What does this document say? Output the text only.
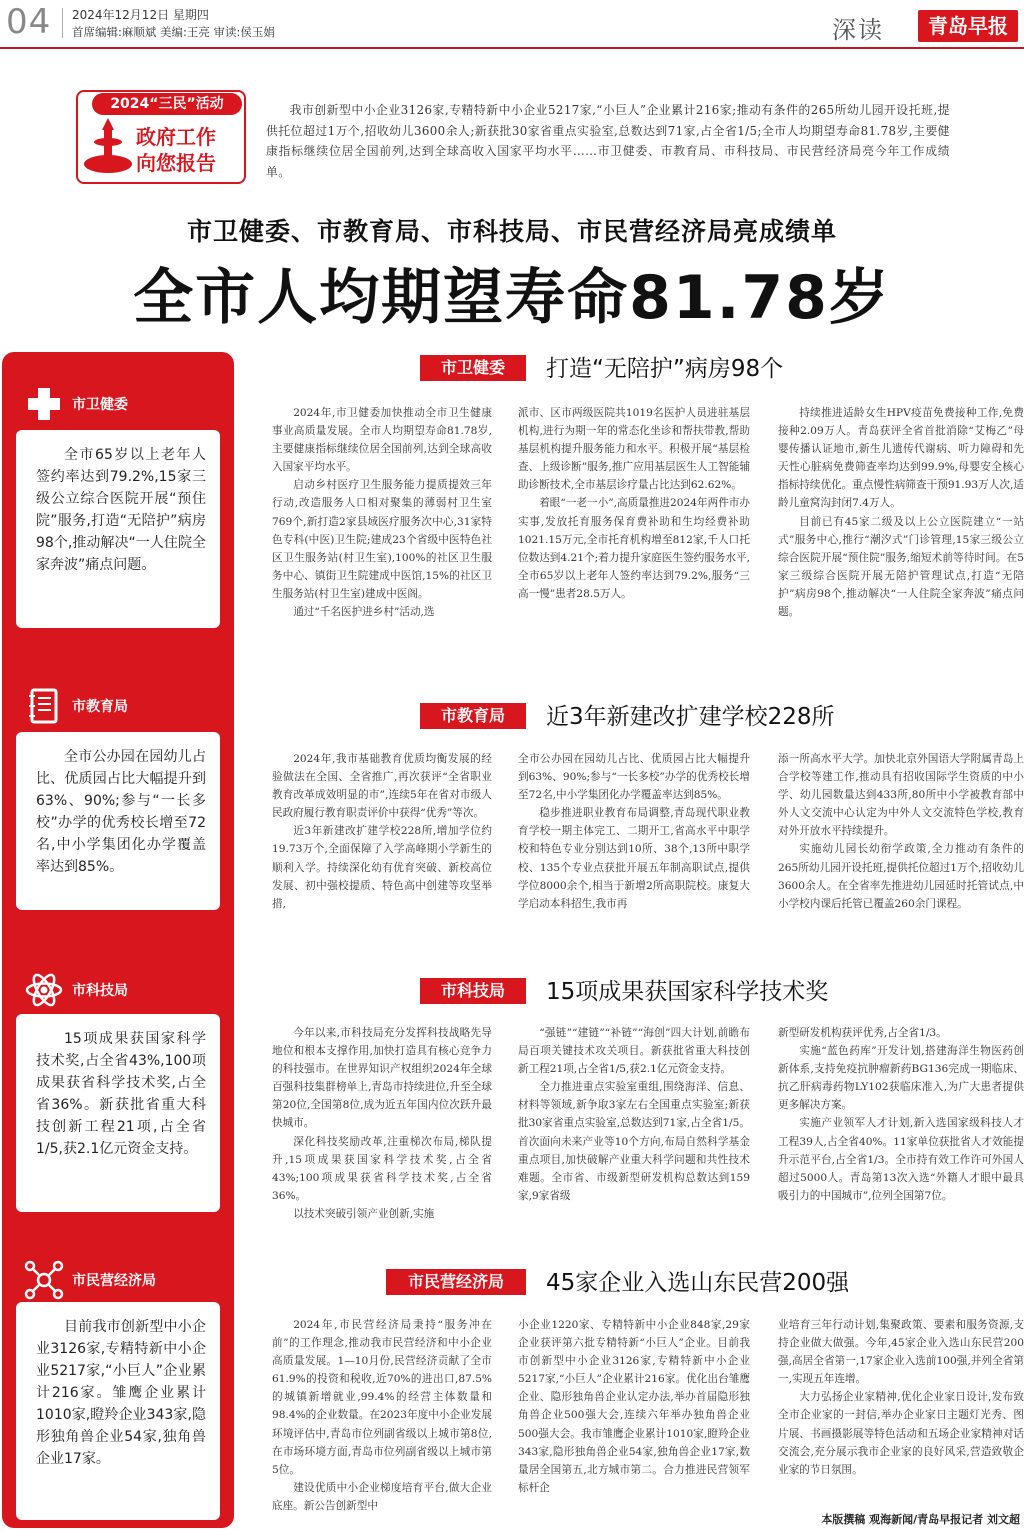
04 2024年12月12日 星期四
首席编辑:麻顺斌 美编:王亮 审读:侯玉娟	深读	青岛早报
2024“三民”活动
政府工作
向您报告
我市创新型中小企业3126家,专精特新中小企业5217家,“小巨人”企业累计216家;推动有条件的265所幼儿园开设托班,提供托位超过1万个,招收幼儿3600余人;新获批30家省重点实验室,总数达到71家,占全省1/5;全市人均期望寿命81.78岁,主要健康指标继续位居全国前列,达到全球高收入国家平均水平……市卫健委、市教育局、市科技局、市民营经济局亮今年工作成绩单。
市卫健委、市教育局、市科技局、市民营经济局亮成绩单
全市人均期望寿命81.78岁
市卫健委
全市65岁以上老年人签约率达到79.2%,15家三级公立综合医院开展“预住院”服务,打造“无陪护”病房98个,推动解决“一人住院全家奔波”痛点问题。
市教育局
全市公办园在园幼儿占比、优质园占比大幅提升到63%、90%;参与“一长多校”办学的优秀校长增至72名,中小学集团化办学覆盖率达到85%。
市科技局
15项成果获国家科学技术奖,占全省43%,100项成果获省科学技术奖,占全省36%。新获批省重大科技创新工程21项,占全省1/5,获2.1亿元资金支持。
市民营经济局
目前我市创新型中小企业3126家,专精特新中小企业5217家,“小巨人”企业累计216家。雏鹰企业累计1010家,瞪羚企业343家,隐形独角兽企业54家,独角兽企业17家。
市卫健委	打造“无陪护”病房98个

2024年,市卫健委加快推动全市卫生健康事业高质量发展。全市人均期望寿命81.78岁,主要健康指标继续位居全国前列,达到全球高收入国家平均水平。

启动乡村医疗卫生服务能力提质提效三年行动,改造服务人口相对聚集的薄弱村卫生室769个,新打造2家县域医疗服务次中心,31家特色专科(中医)卫生院;建成23个省级中医特色社区卫生服务站(村卫生室),100%的社区卫生服务中心、镇街卫生院建成中医馆,15%的社区卫生服务站(村卫生室)建成中医阁。

通过“千名医护进乡村”活动,选

派市、区市两级医院共1019名医护人员进驻基层机构,进行为期一年的常态化坐诊和帮扶带教,帮助基层机构提升服务能力和水平。积极开展“基层检查、上级诊断”服务,推广应用基层医生人工智能辅助诊断技术,全市基层诊疗量占比达到62.62%。

着眼“一老一小”,高质量推进2024年两件市办实事,发放托育服务保育费补助和生均经费补助1021.15万元,全市托育机构增至812家,千人口托位数达到4.21个;着力提升家庭医生签约服务水平,全市65岁以上老年人签约率达到79.2%,服务“三高一慢”患者28.5万人。

持续推进适龄女生HPV疫苗免费接种工作,免费接种2.09万人。青岛获评全省首批消除“艾梅乙”母婴传播认证地市,新生儿遗传代谢病、听力障碍和先天性心脏病免费筛查率均达到99.9%,母婴安全核心指标持续优化。重点慢性病筛查干预91.93万人次,适龄儿童窝沟封闭7.4万人。

目前已有45家二级及以上公立医院建立“一站式”服务中心,推行“潮汐式”门诊管理,15家三级公立综合医院开展“预住院”服务,缩短术前等待时间。在5家三级综合医院开展无陪护管理试点,打造“无陪护”病房98个,推动解决“一人住院全家奔波”痛点问题。

市教育局	近3年新建改扩建学校228所

2024年,我市基础教育优质均衡发展的经验做法在全国、全省推广,再次获评“全省职业教育改革成效明显的市”,连续5年在省对市级人民政府履行教育职责评价中获得“优秀”等次。

近3年新建改扩建学校228所,增加学位约19.73万个,全面保障了入学高峰期小学新生的顺利入学。持续深化幼有优育突破、新校高位发展、初中强校提质、特色高中创建等攻坚举措,

全市公办园在园幼儿占比、优质园占比大幅提升到63%、90%;参与“一长多校”办学的优秀校长增至72名,中小学集团化办学覆盖率达到85%。

稳步推进职业教育布局调整,青岛现代职业教育学校一期主体完工、二期开工,省高水平中职学校和特色专业分别达到10所、38个,13所中职学校、135个专业点获批开展五年制高职试点,提供学位8000余个,相当于新增2所高职院校。康复大学启动本科招生,我市再

添一所高水平大学。加快北京外国语大学附属青岛上合学校等建工作,推动具有招收国际学生资质的中小学、幼儿园数量达到433所,80所中小学被教育部中外人文交流中心认定为中外人文交流特色学校,教育对外开放水平持续提升。

实施幼儿园长幼衔学政策,全力推动有条件的265所幼儿园开设托班,提供托位超过1万个,招收幼儿3600余人。在全省率先推进幼儿园延时托管试点,中小学校内课后托管已覆盖260余门课程。

市科技局	15项成果获国家科学技术奖

今年以来,市科技局充分发挥科技战略先导地位和根本支撑作用,加快打造具有核心竞争力的科技强市。在世界知识产权组织2024年全球百强科技集群榜单上,青岛市持续进位,升至全球第20位,全国第8位,成为近五年国内位次跃升最快城市。

深化科技奖励改革,注重梯次布局,梯队提升,15项成果获国家科学技术奖,占全省43%;100项成果获省科学技术奖,占全省36%。

以技术突破引领产业创新,实施

“强链”“建链”“补链”“海创”四大计划,前瞻布局百项关键技术攻关项目。新获批省重大科技创新工程21项,占全省1/5,获2.1亿元资金支持。

全力推进重点实验室重组,围绕海洋、信息、材料等领域,新争取3家左右全国重点实验室;新获批30家省重点实验室,总数达到71家,占全省1/5。首次面向未来产业等10个方向,布局自然科学基金重点项目,加快破解产业重大科学问题和共性技术难题。全市省、市级新型研发机构总数达到159家,9家省级

新型研发机构获评优秀,占全省1/3。

实施“蓝色药库”开发计划,搭建海洋生物医药创新体系,支持免疫抗肿瘤新药BG136完成一期临床、抗乙肝病毒药物LY102获临床准入,为广大患者提供更多解决方案。

实施产业领军人才计划,新入选国家级科技人才工程39人,占全省40%。11家单位获批省人才效能提升示范平台,占全省1/3。全市持有效工作许可外国人超过5000人。青岛第13次入选“外籍人才眼中最具吸引力的中国城市”,位列全国第7位。

市民营经济局	45家企业入选山东民营200强

2024年,市民营经济局秉持“服务冲在前”的工作理念,推动我市民营经济和中小企业高质量发展。1—10月份,民营经济贡献了全市61.9%的投资和税收,近70%的进出口,87.5%的城镇新增就业,99.4%的经营主体数量和98.4%的企业数量。在2023年度中小企业发展环境评估中,青岛市位列副省级以上城市第8位,在市场环境方面,青岛市位列副省级以上城市第5位。

建设优质中小企业梯度培育平台,做大企业底座。新公告创新型中

小企业1220家、专精特新中小企业848家,29家企业获评第六批专精特新“小巨人”企业。目前我市创新型中小企业3126家,专精特新中小企业5217家,“小巨人”企业累计216家。优化出台雏鹰企业、隐形独角兽企业认定办法,举办首届隐形独角兽企业500强大会,连续六年举办独角兽企业500强大会。我市雏鹰企业累计1010家,瞪羚企业343家,隐形独角兽企业54家,独角兽企业17家,数量居全国第五,北方城市第二。合力推进民营领军标杆企

业培育三年行动计划,集聚政策、要素和服务资源,支持企业做大做强。今年,45家企业入选山东民营200强,高居全省第一,17家企业入选前100强,并列全省第一,实现五年连增。

大力弘扬企业家精神,优化企业家日设计,发布致全市企业家的一封信,举办企业家日主题灯光秀、图片展、书画摄影展等特色活动和五场企业家精神对话交流会,充分展示我市企业家的良好风采,营造致敬企业家的节日氛围。

本版撰稿 观海新闻/青岛早报记者 刘文超
